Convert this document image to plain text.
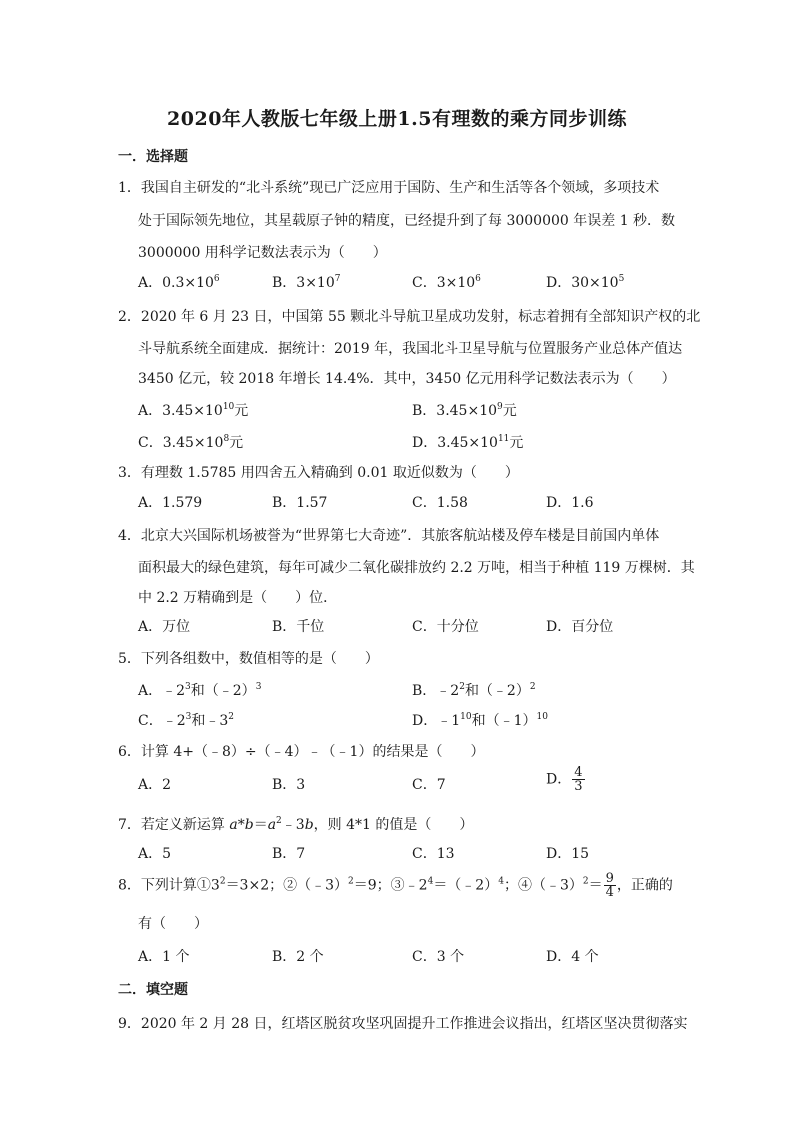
2020年人教版七年级上册1.5有理数的乘方同步训练
一．选择题
1．我国自主研发的“北斗系统”现已广泛应用于国防、生产和生活等各个领域，多项技术
处于国际领先地位，其星载原子钟的精度，已经提升到了每 3000000 年误差 1 秒．数
3000000 用科学记数法表示为（　　）
A．$0.3\times 10^6$	B．$3\times 10^7$	C．$3\times 10^6$	D．$30\times 10^5$
2．2020 年 6 月 23 日，中国第 55 颗北斗导航卫星成功发射，标志着拥有全部知识产权的北
斗导航系统全面建成．据统计：2019 年，我国北斗卫星导航与位置服务产业总体产值达
3450 亿元，较 2018 年增长 14.4%．其中，3450 亿元用科学记数法表示为（　　）
A．$3.45\times 10^{10}$元	B．$3.45\times 10^9$元
C．$3.45\times 10^8$元	D．$3.45\times 10^{11}$元
3．有理数 1.5785 用四舍五入精确到 0.01 取近似数为（　　）
A．1.579	B．1.57	C．1.58	D．1.6
4．北京大兴国际机场被誉为“世界第七大奇迹”．其旅客航站楼及停车楼是目前国内单体
面积最大的绿色建筑，每年可减少二氧化碳排放约 2.2 万吨，相当于种植 119 万棵树．其
中 2.2 万精确到是（　　）位．
A．万位	B．千位	C．十分位	D．百分位
5．下列各组数中，数值相等的是（　　）
A．$﹣2^3$和（﹣2）$^3$	B．$﹣2^2$和（﹣2）$^2$
C．$﹣2^3$和$﹣3^2$	D．$﹣1^{10}$和（﹣1）$^{10}$
6．计算 4+（﹣8）÷（﹣4）﹣（﹣1）的结果是（　　）
A．2	B．3	C．7	D． $\frac{4}{3}$
7．若定义新运算 $a*b=a^2﹣3b$，则 4*1 的值是（　　）
A．5	B．7	C．13	D．15
8．下列计算$①3^2=3\times 2$；②（﹣3）$^2$＝9；$③﹣2^4=(﹣2)^4$；④（﹣3）$^2$＝ $\frac{9}{4}$ ，正确的
有（　　）
A．1 个	B．2 个	C．3 个	D．4 个
二．填空题
9．2020 年 2 月 28 日，红塔区脱贫攻坚巩固提升工作推进会议指出，红塔区坚决贯彻落实
